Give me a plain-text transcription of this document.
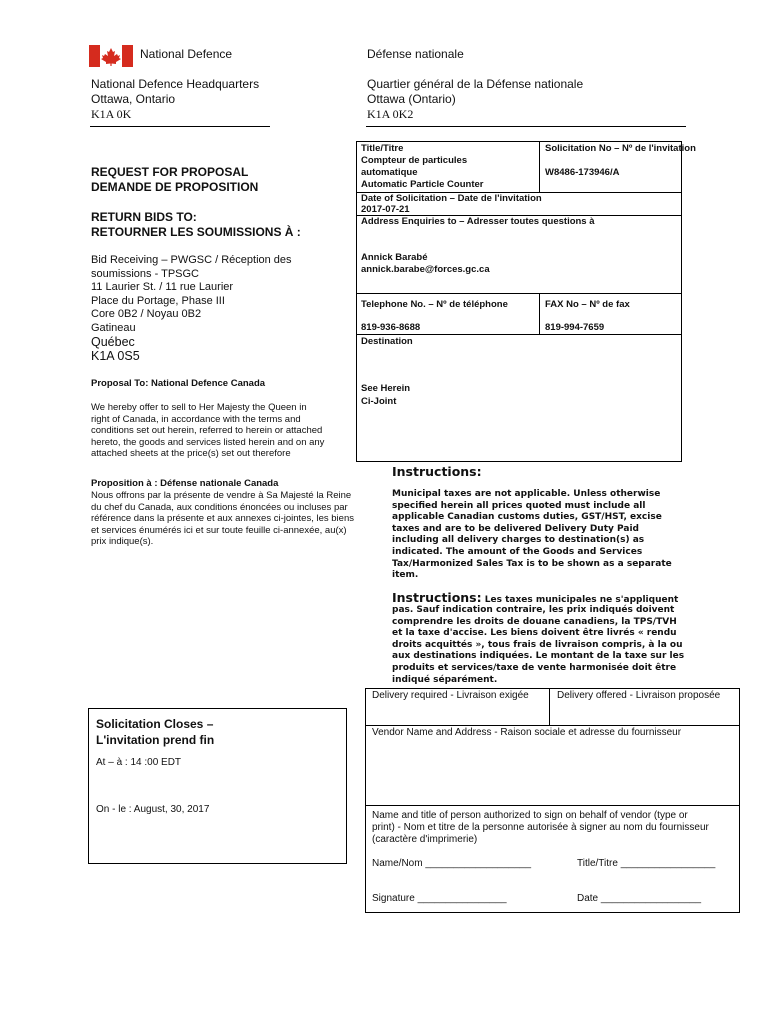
National Defence	Défense nationale
National Defence Headquarters
Ottawa, Ontario
K1A 0K
Quartier général de la Défense nationale
Ottawa (Ontario)
K1A 0K2
REQUEST FOR PROPOSAL
DEMANDE DE PROPOSITION
RETURN BIDS TO:
RETOURNER LES SOUMISSIONS À :
Bid Receiving – PWGSC / Réception des
soumissions - TPSGC
11 Laurier St. / 11 rue Laurier
Place du Portage, Phase III
Core 0B2 / Noyau 0B2
Gatineau
Québec
K1A 0S5
Proposal To: National Defence Canada
We hereby offer to sell to Her Majesty the Queen in
right of Canada, in accordance with the terms and
conditions set out herein, referred to herein or attached
hereto, the goods and services listed herein and on any
attached sheets at the price(s) set out therefore
Proposition à : Défense nationale Canada
Nous offrons par la présente de vendre à Sa Majesté la Reine
du chef du Canada, aux conditions énoncées ou incluses par
référence dans la présente et aux annexes ci-jointes, les biens
et services énumérés ici et sur toute feuille ci-annexée, au(x)
prix indique(s).
Title/Titre
Compteur de particules
automatique
Automatic Particle Counter
Solicitation No – Nº de l'invitation
W8486-173946/A
Date of Solicitation – Date de l'invitation
2017-07-21
Address Enquiries to – Adresser toutes questions à
Annick Barabé
annick.barabe@forces.gc.ca
Telephone No. – Nº de téléphone
819-936-8688
FAX No – Nº de fax
819-994-7659
Destination
See Herein
Ci-Joint
Instructions:
Municipal taxes are not applicable. Unless otherwise
specified herein all prices quoted must include all
applicable Canadian customs duties, GST/HST, excise
taxes and are to be delivered Delivery Duty Paid
including all delivery charges to destination(s) as
indicated. The amount of the Goods and Services
Tax/Harmonized Sales Tax is to be shown as a separate
item.
Instructions: Les taxes municipales ne s'appliquent
pas. Sauf indication contraire, les prix indiqués doivent
comprendre les droits de douane canadiens, la TPS/TVH
et la taxe d'accise. Les biens doivent être livrés « rendu
droits acquittés », tous frais de livraison compris, à la ou
aux destinations indiquées. Le montant de la taxe sur les
produits et services/taxe de vente harmonisée doit être
indiqué séparément.
Solicitation Closes –
L'invitation prend fin
At – à : 14 :00 EDT
On - le : August, 30, 2017
Delivery required - Livraison exigée	Delivery offered - Livraison proposée
Vendor Name and Address - Raison sociale et adresse du fournisseur
Name and title of person authorized to sign on behalf of vendor (type or
print) - Nom et titre de la personne autorisée à signer au nom du fournisseur
(caractère d'imprimerie)
Name/Nom ___________________	Title/Titre _________________
Signature ________________	Date __________________
